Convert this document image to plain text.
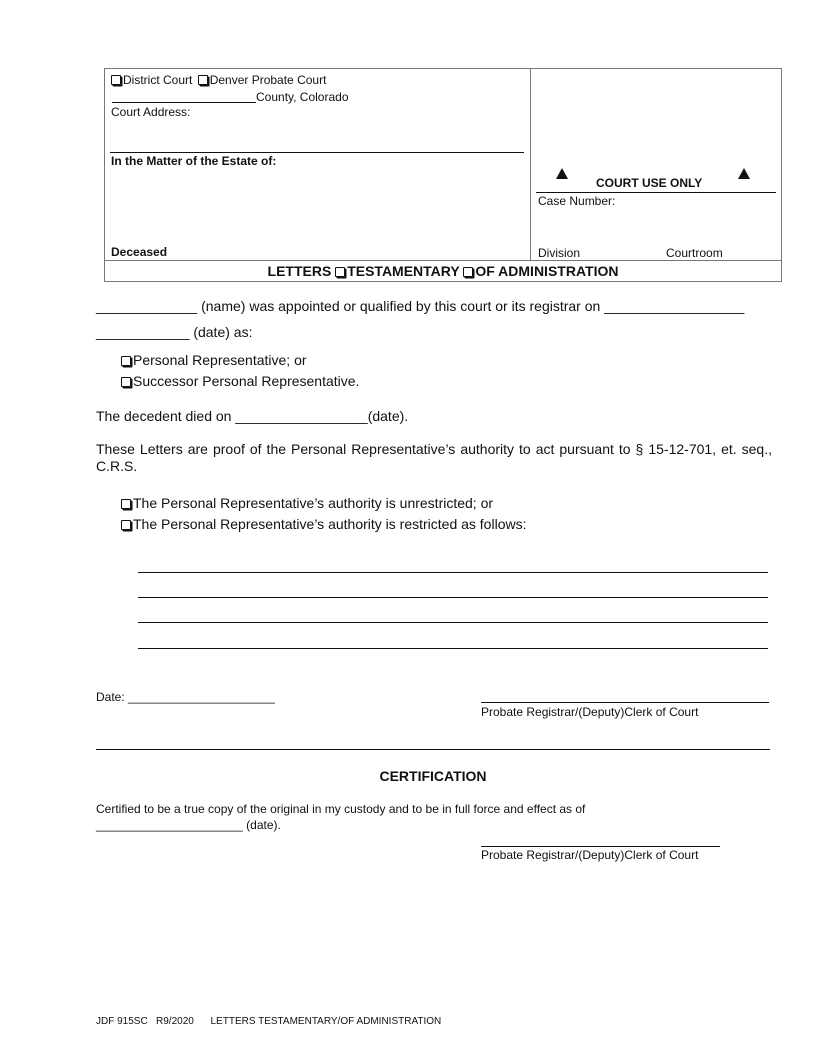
District Court Denver Probate Court
County, Colorado
Court Address:
In the Matter of the Estate of:
Deceased
COURT USE ONLY
Case Number:
Division	Courtroom
LETTERS TESTAMENTARY OF ADMINISTRATION
_____________ (name) was appointed or qualified by this court or its registrar on __________________
____________ (date) as:
Personal Representative; or
Successor Personal Representative.
The decedent died on _________________(date).
These Letters are proof of the Personal Representative’s authority to act pursuant to § 15-12-701, et. seq., C.R.S.
The Personal Representative’s authority is unrestricted; or
The Personal Representative’s authority is restricted as follows:
Date: ______________________
Probate Registrar/(Deputy)Clerk of Court
CERTIFICATION
Certified to be a true copy of the original in my custody and to be in full force and effect as of
______________________ (date).
Probate Registrar/(Deputy)Clerk of Court
JDF 915SC   R9/2020 LETTERS TESTAMENTARY/OF ADMINISTRATION
